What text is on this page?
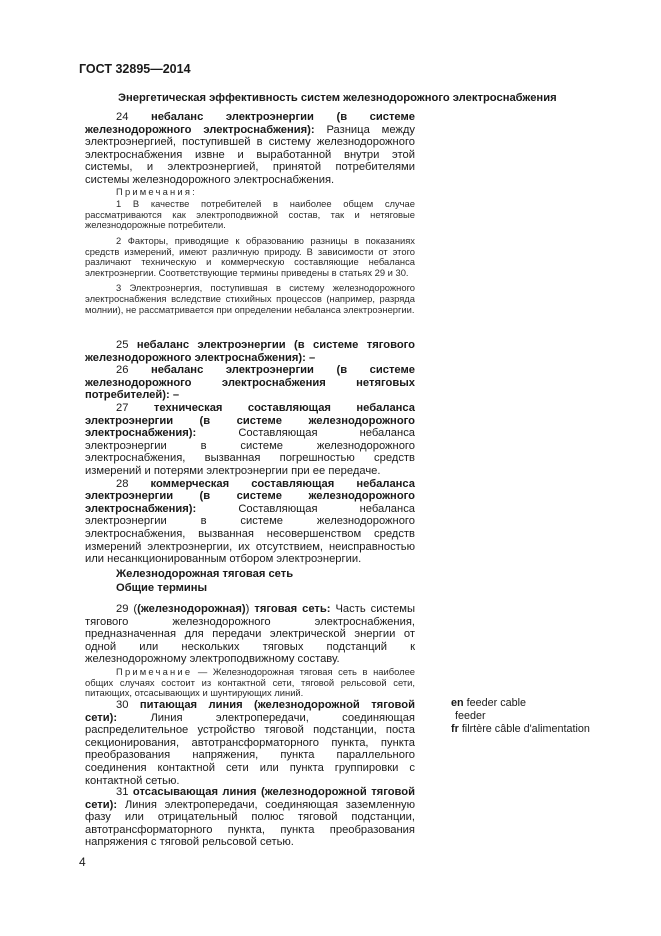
ГОСТ 32895—2014
Энергетическая эффективность систем железнодорожного электроснабжения

24 небаланс электроэнергии (в системе железнодорожного электроснабжения): Разница между электроэнергией, поступившей в систему железнодорожного электроснабжения извне и выработанной внутри этой системы, и электроэнергией, принятой потребителями системы железнодорожного электроснабжения.

Примечания:

1 В качестве потребителей в наиболее общем случае рассматриваются как электроподвижной состав, так и нетяговые железнодорожные потребители.

2 Факторы, приводящие к образованию разницы в показаниях средств измерений, имеют различную природу. В зависимости от этого различают техническую и коммерческую составляющие небаланса электроэнергии. Соответствующие термины приведены в статьях 29 и 30.

3 Электроэнергия, поступившая в систему железнодорожного электроснабжения вследствие стихийных процессов (например, разряда молнии), не рассматривается при определении небаланса электроэнергии.

25 небаланс электроэнергии (в системе тягового железнодорожного электроснабжения): –

26 небаланс электроэнергии (в системе железнодорожного электроснабжения нетяговых потребителей): –

27 техническая составляющая небаланса электроэнергии (в системе железнодорожного электроснабжения):	Составляющая небаланса электроэнергии в системе железнодорожного электроснабжения, вызванная погрешностью средств измерений и потерями электроэнергии при ее передаче.

28 коммерческая составляющая небаланса электроэнергии (в системе железнодорожного электроснабжения):	Составляющая небаланса электроэнергии в системе железнодорожного электроснабжения, вызванная несовершенством средств измерений электроэнергии, их отсутствием, неисправностью или несанкционированным отбором электроэнергии.

Железнодорожная тяговая сеть

Общие термины

29 ((железнодорожная)) тяговая сеть: Часть системы тягового железнодорожного электроснабжения, предназначенная для передачи электрической энергии от одной или нескольких тяговых подстанций к железнодорожному электроподвижному составу.

Примечание — Железнодорожная тяговая сеть в наиболее общих случаях состоит из контактной сети, тяговой рельсовой сети, питающих, отсасывающих и шунтирующих линий.

30 питающая линия (железнодорожной тяговой сети):	Линия электропередачи, соединяющая распределительное устройство тяговой подстанции, поста секционирования, автотрансформаторного пункта, пункта преобразования напряжения, пункта параллельного соединения контактной сети или пункта группировки с контактной сетью.

en feeder cable
feeder
fr filrtère câble d'alimentation

31 отсасывающая линия (железнодорожной тяговой сети): Линия электропередачи, соединяющая заземленную фазу или отрицательный полюс тяговой подстанции, автотрансформаторного пункта, пункта преобразования напряжения с тяговой рельсовой сетью.

4
